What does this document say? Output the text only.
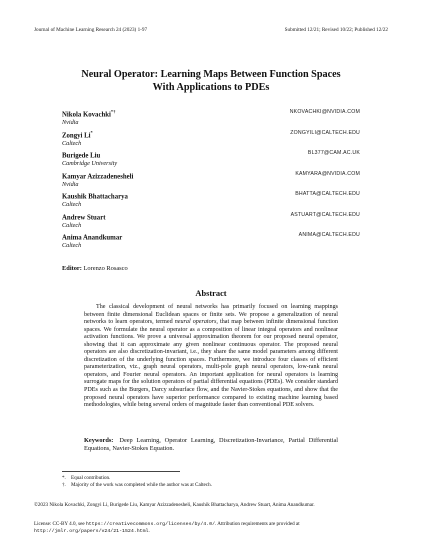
Journal of Machine Learning Research 24 (2023) 1-97	Submitted 12/21; Revised 10/22; Published 12/22
Neural Operator: Learning Maps Between Function Spaces
With Applications to PDEs
Nikola Kovachki*†
Nvidia
NKOVACHKI@NVIDIA.COM
Zongyi Li*
Caltech
ZONGYILI@CALTECH.EDU
Burigede Liu
Cambridge University
BL377@CAM.AC.UK
Kamyar Azizzadenesheli
Nvidia
KAMYARA@NVIDIA.COM
Kaushik Bhattacharya
Caltech
BHATTA@CALTECH.EDU
Andrew Stuart
Caltech
ASTUART@CALTECH.EDU
Anima Anandkumar
Caltech
ANIMA@CALTECH.EDU
Editor: Lorenzo Rosasco
Abstract
The classical development of neural networks has primarily focused on learning mappings between finite dimensional Euclidean spaces or finite sets. We propose a generalization of neural networks to learn operators, termed neural operators, that map between infinite dimensional function spaces. We formulate the neural operator as a composition of linear integral operators and nonlinear activation functions. We prove a universal approximation theorem for our proposed neural operator, showing that it can approximate any given nonlinear continuous operator. The proposed neural operators are also discretization-invariant, i.e., they share the same model parameters among different discretization of the underlying function spaces. Furthermore, we introduce four classes of efficient parameterization, viz., graph neural operators, multi-pole graph neural operators, low-rank neural operators, and Fourier neural operators. An important application for neural operators is learning surrogate maps for the solution operators of partial differential equations (PDEs). We consider standard PDEs such as the Burgers, Darcy subsurface flow, and the Navier-Stokes equations, and show that the proposed neural operators have superior performance compared to existing machine learning based methodologies, while being several orders of magnitude faster than conventional PDE solvers.
Keywords: Deep Learning, Operator Learning, Discretization-Invariance, Partial Differential Equations, Navier-Stokes Equation.
*. Equal contribution.
†. Majority of the work was completed while the author was at Caltech.
©2023 Nikola Kovachki, Zongyi Li, Burigede Liu, Kamyar Azizzadenesheli, Kaushik Bhattacharya, Andrew Stuart, Anima Anandkumar.
License: CC-BY 4.0, see https://creativecommons.org/licenses/by/4.0/. Attribution requirements are provided at http://jmlr.org/papers/v24/21-1524.html.
